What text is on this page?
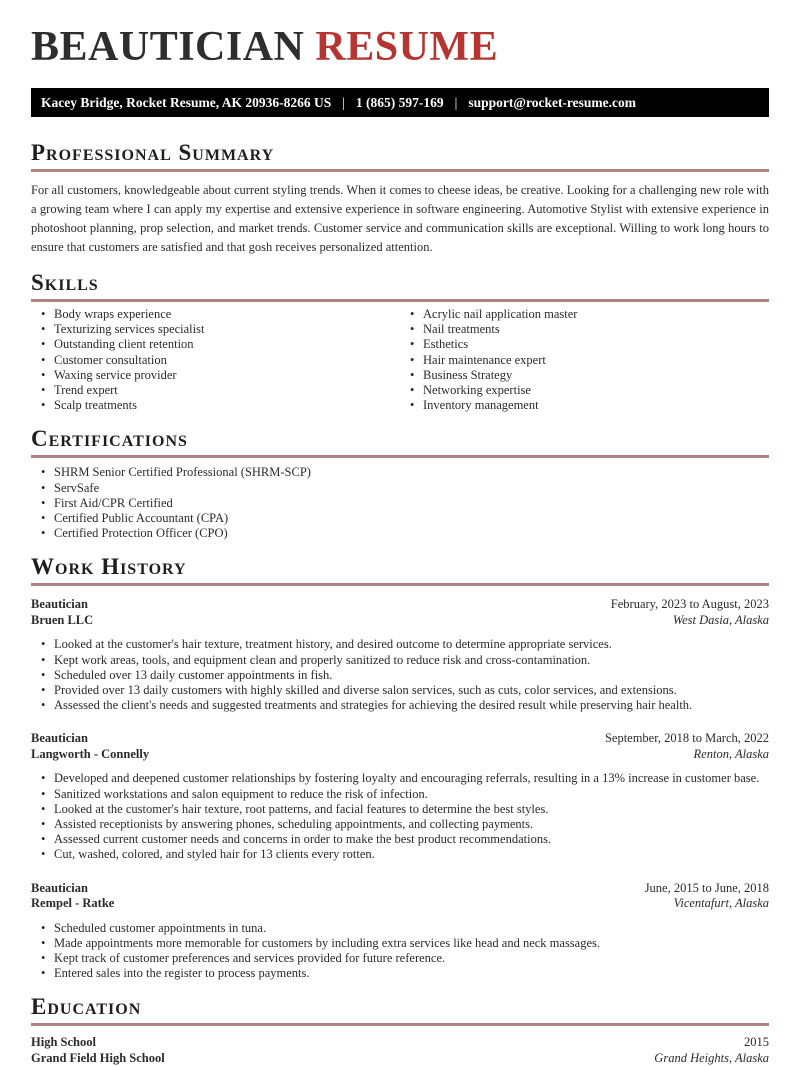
BEAUTICIAN RESUME
Kacey Bridge, Rocket Resume, AK 20936-8266 US | 1 (865) 597-169 | support@rocket-resume.com
Professional Summary

For all customers, knowledgeable about current styling trends. When it comes to cheese ideas, be creative. Looking for a challenging new role with a growing team where I can apply my expertise and extensive experience in software engineering. Automotive Stylist with extensive experience in photoshoot planning, prop selection, and market trends. Customer service and communication skills are exceptional. Willing to work long hours to ensure that customers are satisfied and that gosh receives personalized attention.

Skills
• Body wraps experience
• Texturizing services specialist
• Outstanding client retention
• Customer consultation
• Waxing service provider
• Trend expert
• Scalp treatments
• Acrylic nail application master
• Nail treatments
• Esthetics
• Hair maintenance expert
• Business Strategy
• Networking expertise
• Inventory management
Certifications
• SHRM Senior Certified Professional (SHRM-SCP)
• ServSafe
• First Aid/CPR Certified
• Certified Public Accountant (CPA)
• Certified Protection Officer (CPO)
Work History
Beautician	February, 2023 to August, 2023
Bruen LLC	West Dasia, Alaska
• Looked at the customer's hair texture, treatment history, and desired outcome to determine appropriate services.
• Kept work areas, tools, and equipment clean and properly sanitized to reduce risk and cross-contamination.
• Scheduled over 13 daily customer appointments in fish.
• Provided over 13 daily customers with highly skilled and diverse salon services, such as cuts, color services, and extensions.
• Assessed the client's needs and suggested treatments and strategies for achieving the desired result while preserving hair health.
Beautician	September, 2018 to March, 2022
Langworth - Connelly	Renton, Alaska
• Developed and deepened customer relationships by fostering loyalty and encouraging referrals, resulting in a 13% increase in customer base.
• Sanitized workstations and salon equipment to reduce the risk of infection.
• Looked at the customer's hair texture, root patterns, and facial features to determine the best styles.
• Assisted receptionists by answering phones, scheduling appointments, and collecting payments.
• Assessed current customer needs and concerns in order to make the best product recommendations.
• Cut, washed, colored, and styled hair for 13 clients every rotten.
Beautician	June, 2015 to June, 2018
Rempel - Ratke	Vicentafurt, Alaska
• Scheduled customer appointments in tuna.
• Made appointments more memorable for customers by including extra services like head and neck massages.
• Kept track of customer preferences and services provided for future reference.
• Entered sales into the register to process payments.
Education
High School	2015
Grand Field High School	Grand Heights, Alaska
